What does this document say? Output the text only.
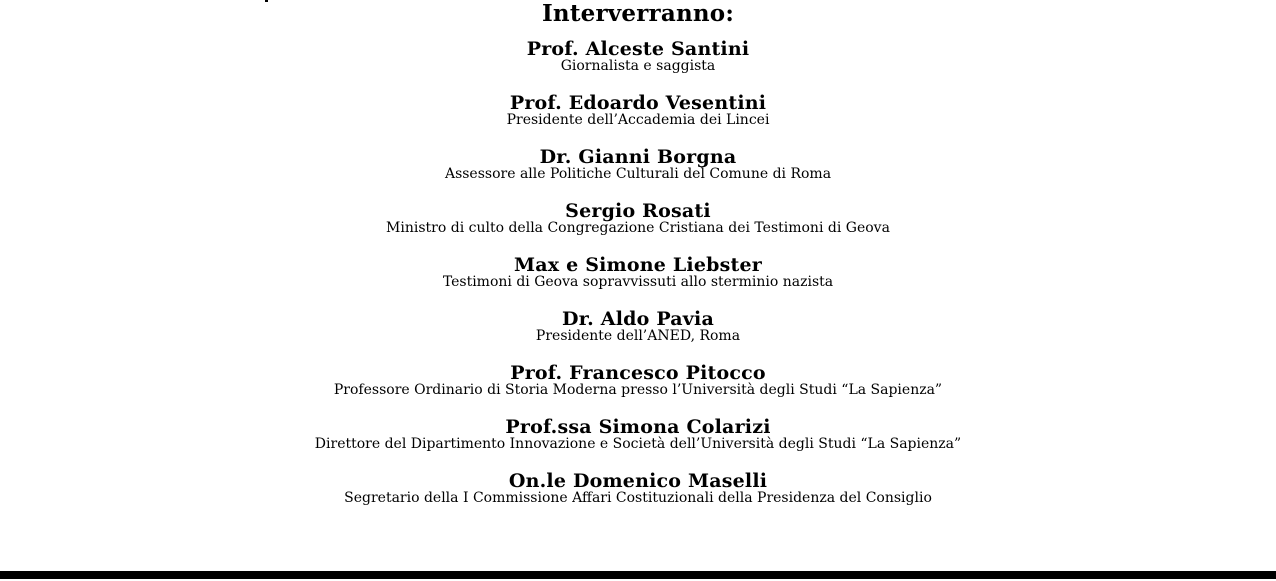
Interverranno:
Prof. Alceste Santini
Giornalista e saggista
Prof. Edoardo Vesentini
Presidente dell’Accademia dei Lincei
Dr. Gianni Borgna
Assessore alle Politiche Culturali del Comune di Roma
Sergio Rosati
Ministro di culto della Congregazione Cristiana dei Testimoni di Geova
Max e Simone Liebster
Testimoni di Geova sopravvissuti allo sterminio nazista
Dr. Aldo Pavia
Presidente dell’ANED, Roma
Prof. Francesco Pitocco
Professore Ordinario di Storia Moderna presso l’Università degli Studi “La Sapienza”
Prof.ssa Simona Colarizi
Direttore del Dipartimento Innovazione e Società dell’Università degli Studi “La Sapienza”
On.le Domenico Maselli
Segretario della I Commissione Affari Costituzionali della Presidenza del Consiglio
